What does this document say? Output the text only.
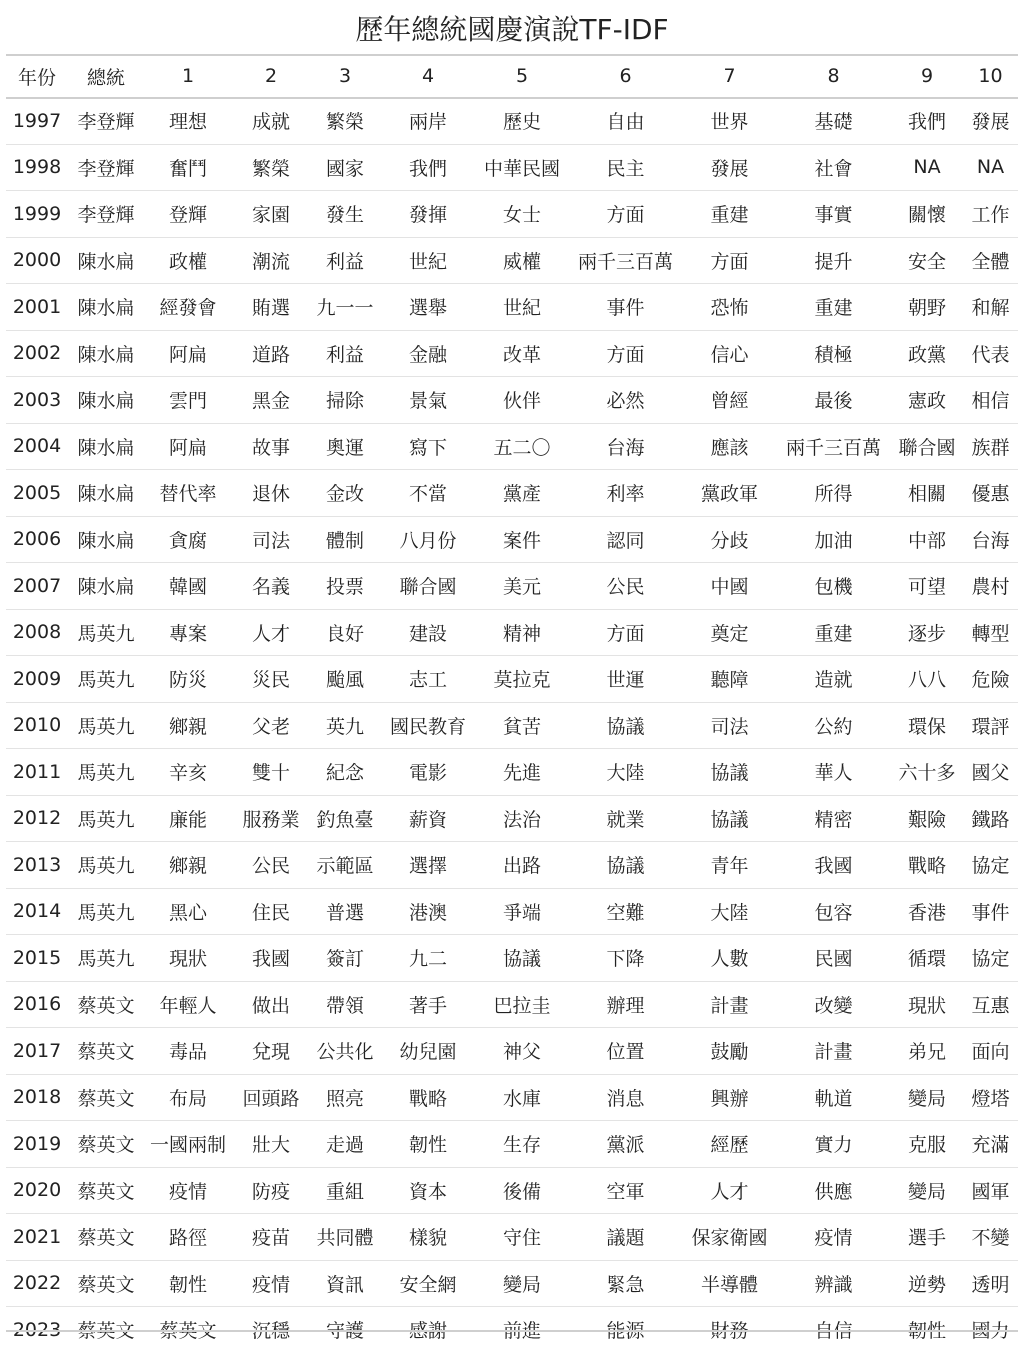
歷年總統國慶演說TF-IDF
年份	總統	1	2	3	4	5	6	7	8	9	10
1997	李登輝	理想	成就	繁榮	兩岸	歷史	自由	世界	基礎	我們	發展
1998	李登輝	奮鬥	繁榮	國家	我們	中華民國	民主	發展	社會	NA	NA
1999	李登輝	登輝	家園	發生	發揮	女士	方面	重建	事實	關懷	工作
2000	陳水扁	政權	潮流	利益	世紀	威權	兩千三百萬	方面	提升	安全	全體
2001	陳水扁	經發會	賄選	九一一	選舉	世紀	事件	恐怖	重建	朝野	和解
2002	陳水扁	阿扁	道路	利益	金融	改革	方面	信心	積極	政黨	代表
2003	陳水扁	雲門	黑金	掃除	景氣	伙伴	必然	曾經	最後	憲政	相信
2004	陳水扁	阿扁	故事	奧運	寫下	五二〇	台海	應該	兩千三百萬	聯合國	族群
2005	陳水扁	替代率	退休	金改	不當	黨產	利率	黨政軍	所得	相關	優惠
2006	陳水扁	貪腐	司法	體制	八月份	案件	認同	分歧	加油	中部	台海
2007	陳水扁	韓國	名義	投票	聯合國	美元	公民	中國	包機	可望	農村
2008	馬英九	專案	人才	良好	建設	精神	方面	奠定	重建	逐步	轉型
2009	馬英九	防災	災民	颱風	志工	莫拉克	世運	聽障	造就	八八	危險
2010	馬英九	鄉親	父老	英九	國民教育	貧苦	協議	司法	公約	環保	環評
2011	馬英九	辛亥	雙十	紀念	電影	先進	大陸	協議	華人	六十多	國父
2012	馬英九	廉能	服務業	釣魚臺	薪資	法治	就業	協議	精密	艱險	鐵路
2013	馬英九	鄉親	公民	示範區	選擇	出路	協議	青年	我國	戰略	協定
2014	馬英九	黑心	住民	普選	港澳	爭端	空難	大陸	包容	香港	事件
2015	馬英九	現狀	我國	簽訂	九二	協議	下降	人數	民國	循環	協定
2016	蔡英文	年輕人	做出	帶領	著手	巴拉圭	辦理	計畫	改變	現狀	互惠
2017	蔡英文	毒品	兌現	公共化	幼兒園	神父	位置	鼓勵	計畫	弟兄	面向
2018	蔡英文	布局	回頭路	照亮	戰略	水庫	消息	興辦	軌道	變局	燈塔
2019	蔡英文	一國兩制	壯大	走過	韌性	生存	黨派	經歷	實力	克服	充滿
2020	蔡英文	疫情	防疫	重組	資本	後備	空軍	人才	供應	變局	國軍
2021	蔡英文	路徑	疫苗	共同體	樣貌	守住	議題	保家衛國	疫情	選手	不變
2022	蔡英文	韌性	疫情	資訊	安全網	變局	緊急	半導體	辨識	逆勢	透明
2023	蔡英文	蔡英文	沉穩	守護	感謝	前進	能源	財務	自信	韌性	國力
